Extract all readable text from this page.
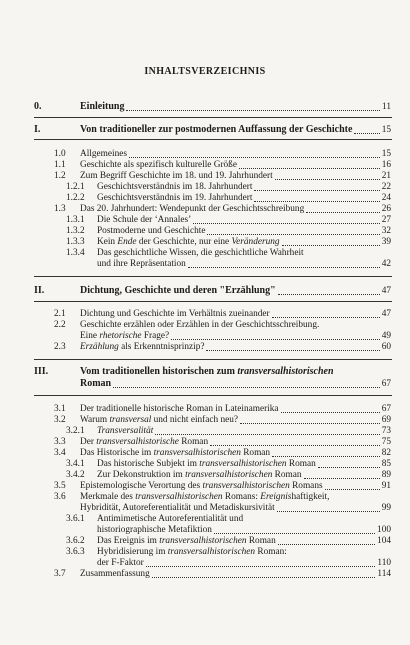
INHALTSVERZEICHNIS
0.	Einleitung	11
I.	Von traditioneller zur postmodernen Auffassung der Geschichte	15
1.0 Allgemeines	15
1.1 Geschichte als spezifisch kulturelle Größe	16
1.2 Zum Begriff Geschichte im 18. und 19. Jahrhundert	21
1.2.1 Geschichtsverständnis im 18. Jahrhundert	22
1.2.2 Geschichtsverständnis im 19. Jahrhundert	24
1.3 Das 20. Jahrhundert: Wendepunkt der Geschichtsschreibung	26
1.3.1 Die Schule der ‘Annales’	27
1.3.2 Postmoderne und Geschichte	32
1.3.3 Kein Ende der Geschichte, nur eine Veränderung	39
1.3.4 Das geschichtliche Wissen, die geschichtliche Wahrheit
und ihre Repräsentation	42
II.	Dichtung, Geschichte und deren "Erzählung"	47
2.1 Dichtung und Geschichte im Verhältnis zueinander	47
2.2 Geschichte erzählen oder Erzählen in der Geschichtsschreibung.
Eine rhetorische Frage?	49
2.3 Erzählung als Erkenntnisprinzip?	60
III.	Vom traditionellen historischen zum transversalhistorischen
Roman	67
3.1 Der traditionelle historische Roman in Lateinamerika	67
3.2 Warum transversal und nicht einfach neu?	69
3.2.1 Transversalität	73
3.3 Der transversalhistorische Roman	75
3.4 Das Historische im transversalhistorischen Roman	82
3.4.1 Das historische Subjekt im transversalhistorischen Roman	85
3.4.2 Zur Dekonstruktion im transversalhistorischen Roman	89
3.5 Epistemologische Verortung des transversalhistorischen Romans	91
3.6 Merkmale des transversalhistorischen Romans: Ereignishaftigkeit,
Hybridität, Autoreferentialität und Metadiskursivität	99
3.6.1 Antimimetische Autoreferentialität und
historiographische Metafiktion	100
3.6.2 Das Ereignis im transversalhistorischen Roman	104
3.6.3 Hybridisierung im transversalhistorischen Roman:
der F-Faktor	110
3.7 Zusammenfassung	114
